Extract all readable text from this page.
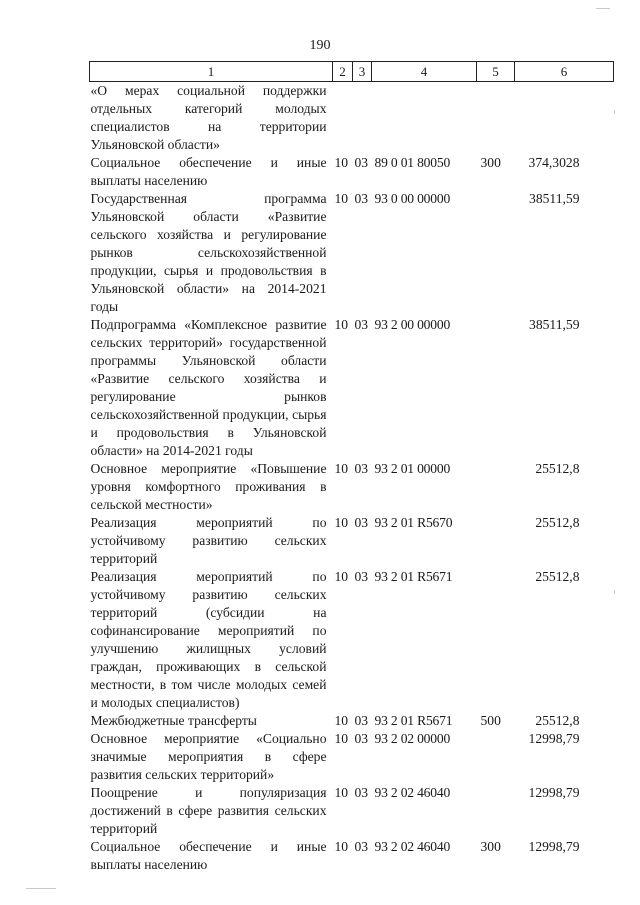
190
1	2	3	4	5	6
«О мерах социальной поддержки отдельных категорий молодых специалистов на территории Ульяновской области»					
Социальное обеспечение и иные выплаты населению	10	03	89 0 01 80050	300	374,3028
Государственная программа Ульяновской области «Развитие сельского хозяйства и регулирование рынков сельскохозяйственной продукции, сырья и продовольствия в Ульяновской области» на 2014-2021 годы	10	03	93 0 00 00000		38511,59
Подпрограмма «Комплексное развитие сельских территорий» государственной программы Ульяновской области «Развитие сельского хозяйства и регулирование рынков сельскохозяйственной продукции, сырья и продовольствия в Ульяновской области» на 2014-2021 годы	10	03	93 2 00 00000		38511,59
Основное мероприятие «Повышение уровня комфортного проживания в сельской местности»	10	03	93 2 01 00000		25512,8
Реализация мероприятий по устойчивому развитию сельских территорий	10	03	93 2 01 R5670		25512,8
Реализация мероприятий по устойчивому развитию сельских территорий (субсидии на софинансирование мероприятий по улучшению жилищных условий граждан, проживающих в сельской местности, в том числе молодых семей и молодых специалистов)	10	03	93 2 01 R5671		25512,8
Межбюджетные трансферты	10	03	93 2 01 R5671	500	25512,8
Основное мероприятие «Социально значимые мероприятия в сфере развития сельских территорий»	10	03	93 2 02 00000		12998,79
Поощрение и популяризация достижений в сфере развития сельских территорий	10	03	93 2 02 46040		12998,79
Социальное обеспечение и иные выплаты населению	10	03	93 2 02 46040	300	12998,79
